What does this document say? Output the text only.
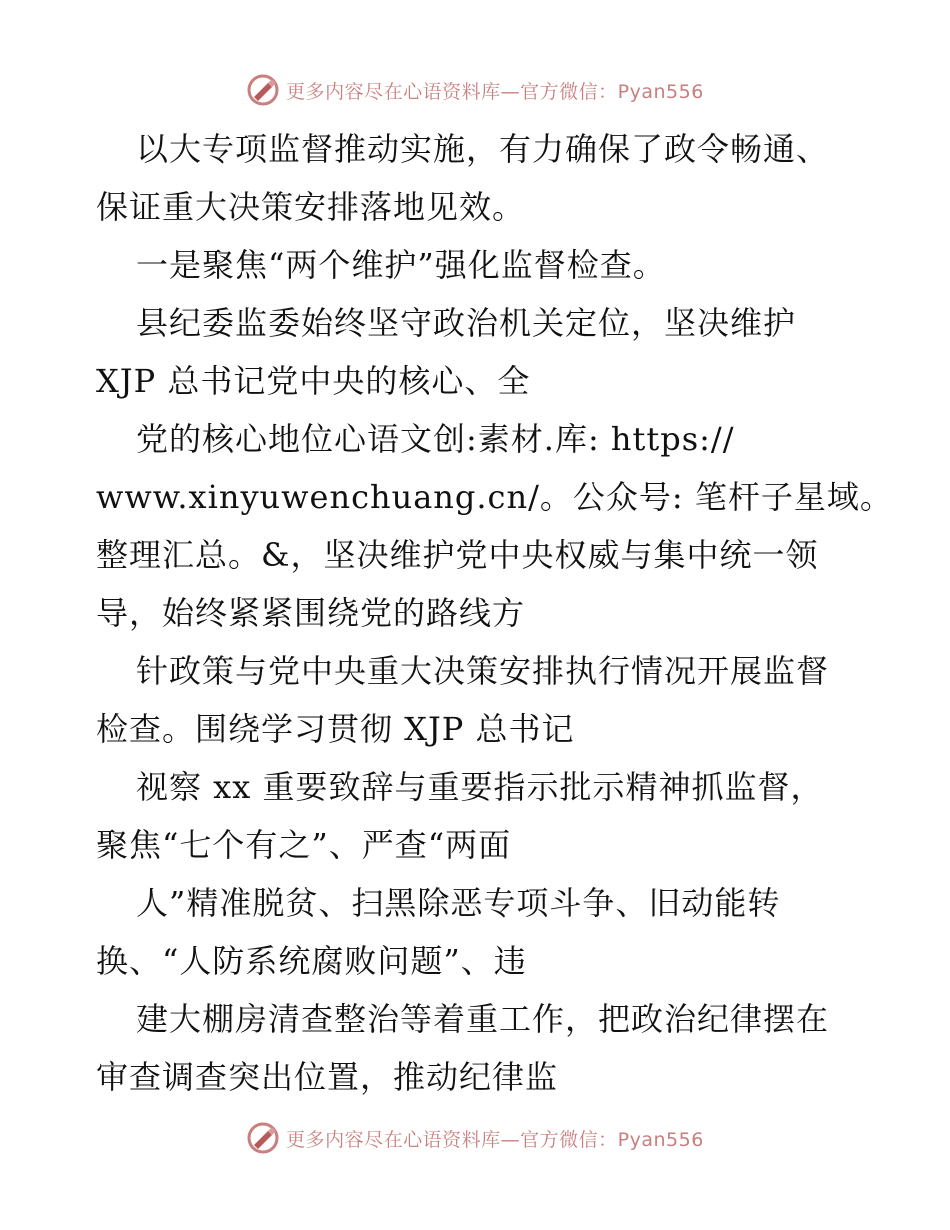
更多内容尽在心语资料库—官方微信：Pyan556
以大专项监督推动实施，有力确保了政令畅通、
保证重大决策安排落地见效。
一是聚焦“两个维护”强化监督检查。
县纪委监委始终坚守政治机关定位，坚决维护
XJP 总书记党中央的核心、全
党的核心地位心语文创:素材.库: https://
www.xinyuwenchuang.cn/。公众号: 笔杆子星域。
整理汇总。&，坚决维护党中央权威与集中统一领
导，始终紧紧围绕党的路线方
针政策与党中央重大决策安排执行情况开展监督
检查。围绕学习贯彻 XJP 总书记
视察 xx 重要致辞与重要指示批示精神抓监督，
聚焦“七个有之”、严查“两面
人”精准脱贫、扫黑除恶专项斗争、旧动能转
换、“人防系统腐败问题”、违
建大棚房清查整治等着重工作，把政治纪律摆在
审查调查突出位置，推动纪律监
更多内容尽在心语资料库—官方微信：Pyan556
